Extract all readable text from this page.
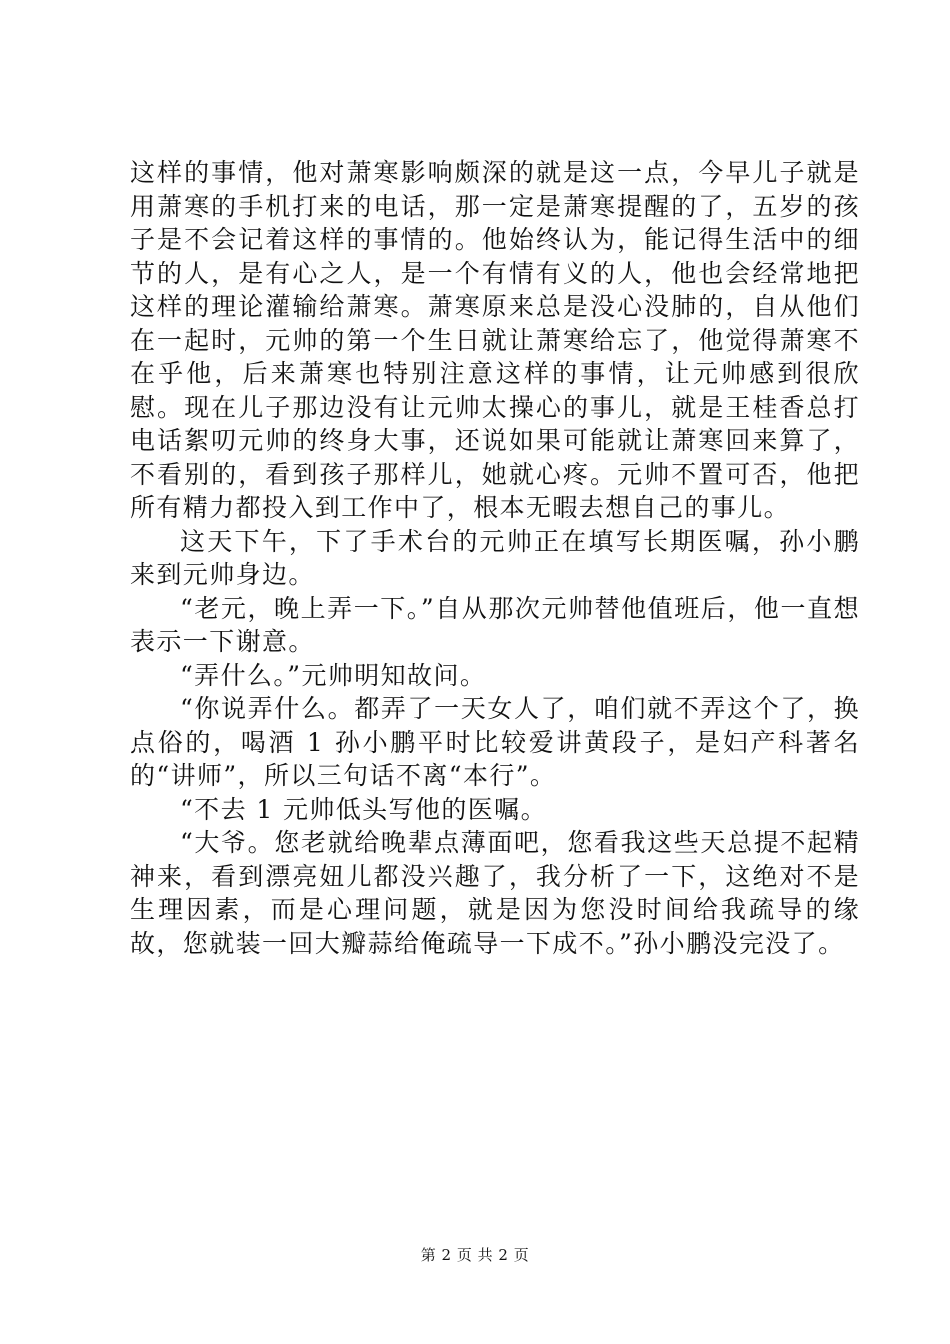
这样的事情，他对萧寒影响颇深的就是这一点，今早儿子就是用萧寒的手机打来的电话，那一定是萧寒提醒的了，五岁的孩子是不会记着这样的事情的。他始终认为，能记得生活中的细节的人，是有心之人，是一个有情有义的人，他也会经常地把这样的理论灌输给萧寒。萧寒原来总是没心没肺的，自从他们在一起时，元帅的第一个生日就让萧寒给忘了，他觉得萧寒不在乎他，后来萧寒也特别注意这样的事情，让元帅感到很欣慰。现在儿子那边没有让元帅太操心的事儿，就是王桂香总打电话絮叨元帅的终身大事，还说如果可能就让萧寒回来算了，不看别的，看到孩子那样儿，她就心疼。元帅不置可否，他把所有精力都投入到工作中了，根本无暇去想自己的事儿。

这天下午，下了手术台的元帅正在填写长期医嘱，孙小鹏来到元帅身边。

“老元，晚上弄一下。”自从那次元帅替他值班后，他一直想表示一下谢意。

“弄什么。”元帅明知故问。

“你说弄什么。都弄了一天女人了，咱们就不弄这个了，换点俗的，喝酒 1 孙小鹏平时比较爱讲黄段子，是妇产科著名的“讲师”，所以三句话不离“本行”。

“不去 1 元帅低头写他的医嘱。

“大爷。您老就给晚辈点薄面吧，您看我这些天总提不起精神来，看到漂亮妞儿都没兴趣了，我分析了一下，这绝对不是生理因素，而是心理问题，就是因为您没时间给我疏导的缘故，您就装一回大瓣蒜给俺疏导一下成不。”孙小鹏没完没了。

第 2 页 共 2 页
